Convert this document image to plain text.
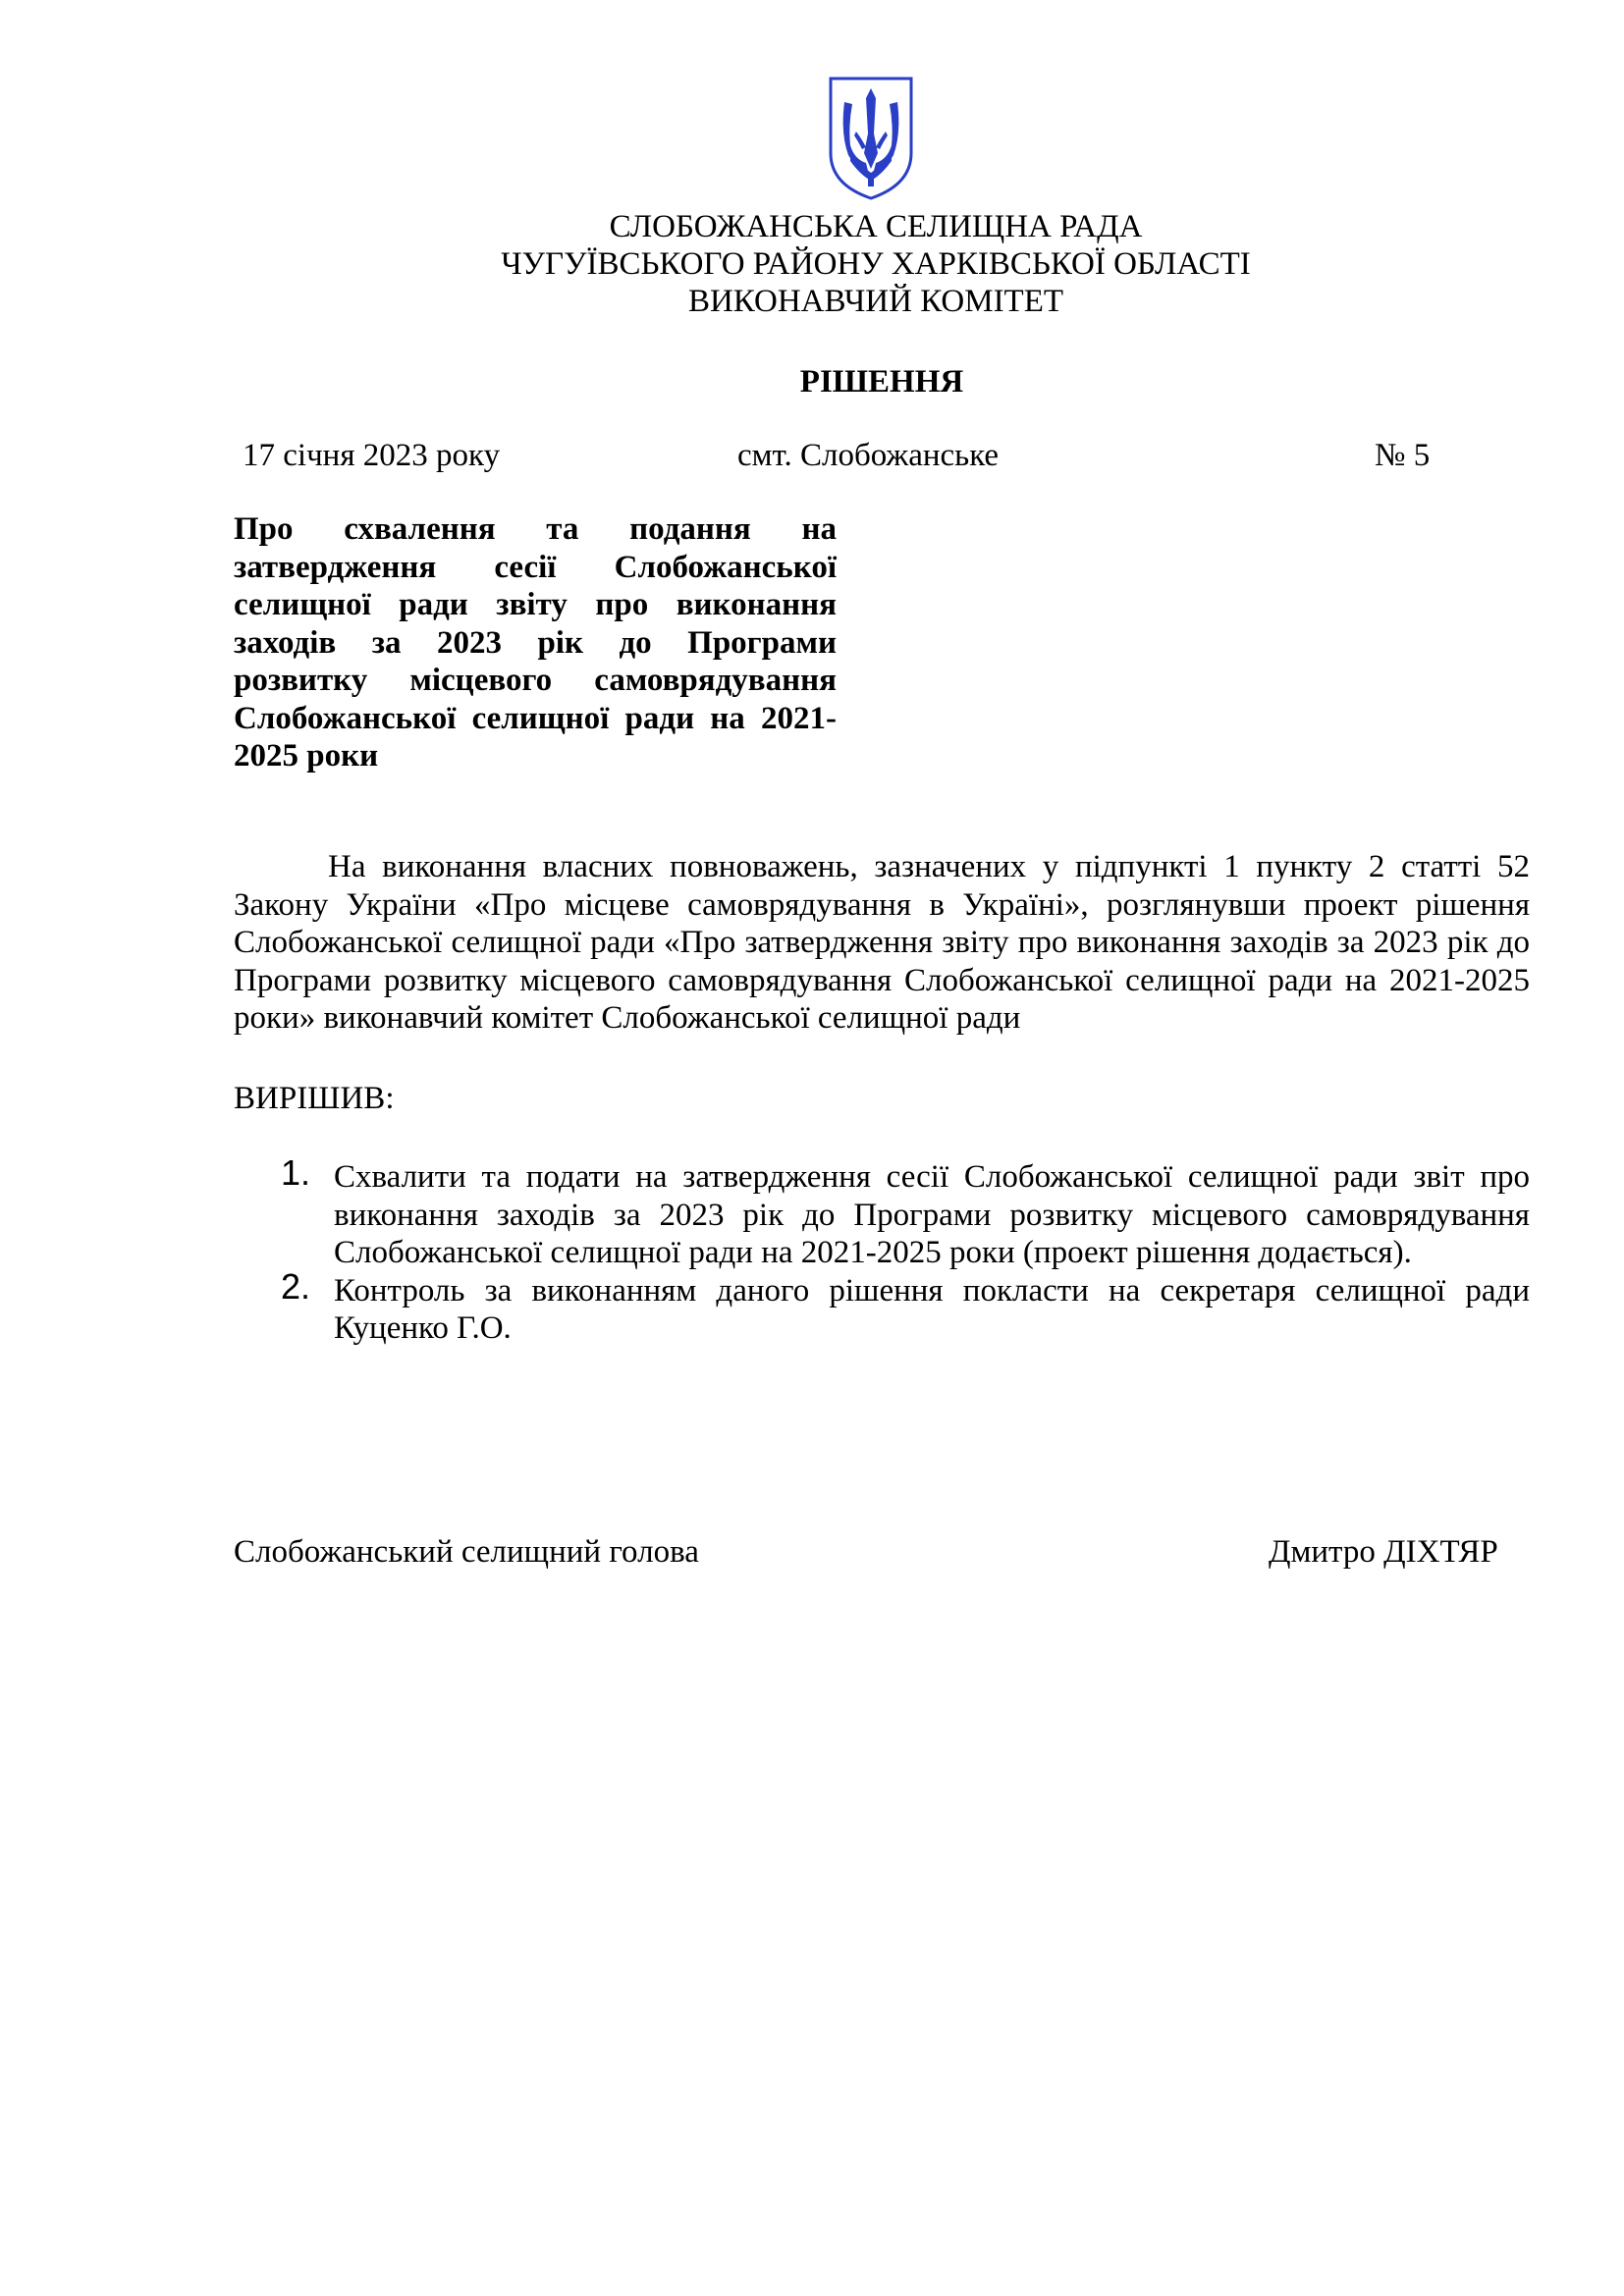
СЛОБОЖАНСЬКА СЕЛИЩНА РАДА
ЧУГУЇВСЬКОГО РАЙОНУ ХАРКІВСЬКОЇ ОБЛАСТІ
ВИКОНАВЧИЙ КОМІТЕТ
РІШЕННЯ
17 січня 2023 року	смт. Слобожанське	№ 5
Про схвалення та подання на затвердження сесії Слобожанської селищної ради звіту про виконання заходів за 2023 рік до Програми розвитку місцевого самоврядування Слобожанської селищної ради на 2021-2025 роки
На виконання власних повноважень, зазначених у підпункті 1 пункту 2 статті 52 Закону України «Про місцеве самоврядування в Україні», розглянувши проект рішення Слобожанської селищної ради «Про затвердження звіту про виконання заходів за 2023 рік до Програми розвитку місцевого самоврядування Слобожанської селищної ради на 2021-2025 роки» виконавчий комітет Слобожанської селищної ради
ВИРІШИВ:
1. Схвалити та подати на затвердження сесії Слобожанської селищної ради звіт про виконання заходів за 2023 рік до Програми розвитку місцевого самоврядування Слобожанської селищної ради на 2021-2025 роки (проект рішення додається).
2. Контроль за виконанням даного рішення покласти на секретаря селищної ради Куценко Г.О.
Слобожанський селищний голова	Дмитро ДІХТЯР
